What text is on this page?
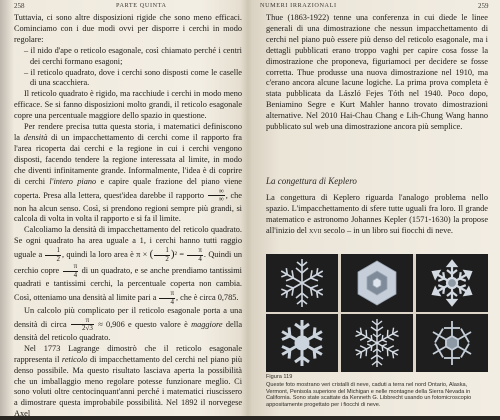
258	PARTE QUINTA

Tuttavia, ci sono altre disposizioni rigide che sono meno efficaci. Cominciamo con i due modi ovvi per disporre i cerchi in modo regolare:

– il nido d'ape o reticolo esagonale, così chiamato perché i centri dei cerchi formano esagoni;
– il reticolo quadrato, dove i cerchi sono disposti come le caselle di una scacchiera.

Il reticolo quadrato è rigido, ma racchiude i cerchi in modo meno efficace. Se si fanno disposizioni molto grandi, il reticolo esagonale copre una percentuale maggiore dello spazio in questione.

Per rendere precisa tutta questa storia, i matematici definiscono la densità di un impacchettamento di cerchi come il rapporto fra l'area ricoperta dai cerchi e la regione in cui i cerchi vengono disposti, facendo tendere la regione interessata al limite, in modo che diventi infinitamente grande. Informalmente, l'idea è di coprire di cerchi l'intero piano e capire quale frazione del piano viene coperta. Presa alla lettera, quest'idea darebbe il rapporto $\frac{\infty}{\infty}$ , che non ha alcun senso. Così, si prendono regioni sempre più grandi, si calcola di volta in volta il rapporto e si fa il limite.

Calcoliamo la densità di impacchettamento del reticolo quadrato. Se ogni quadrato ha area uguale a 1, i cerchi hanno tutti raggio uguale a $\frac{1}{2}$ , quindi la loro area è π × ( $\frac{1}{2} )^2 = \frac{\pi}{4}$ . Quindi un cerchio copre $\frac{\pi}{4}$ di un quadrato, e se anche prendiamo tantissimi quadrati e tantissimi cerchi, la percentuale coperta non cambia. Così, otteniamo una densità al limite pari a $\frac{\pi}{4}$ , che è circa 0,785.

Un calcolo più complicato per il reticolo esagonale porta a una densità di circa $\frac{\pi}{2√3} \approx 0,906$ e questo valore è maggiore della densità del reticolo quadrato.

Nel 1773 Lagrange dimostrò che il reticolo esagonale rappresenta il reticolo di impacchettamento del cerchi nel piano più denso possibile. Ma questo risultato lasciava aperta la possibilità che un imballaggio meno regolare potesse funzionare meglio. Ci sono voluti oltre centocinquant'anni perché i matematici riuscissero a dimostrare questa improbabile possibilità. Nel 1892 il norvegese Axel

NUMERI IRRAZIONALI	259

Thue (1863-1922) tenne una conferenza in cui diede le linee generali di una dimostrazione che nessun impacchettamento di cerchi nel piano può essere più denso del reticolo esagonale, ma i dettagli pubblicati erano troppo vaghi per capire cosa fosse la dimostrazione che proponeva, figuriamoci per decidere se fosse corretta. Thue produsse una nuova dimostrazione nel 1910, ma c'erano ancora alcune lacune logiche. La prima prova completa è stata pubblicata da László Fejes Tóth nel 1940. Poco dopo, Beniamino Segre e Kurt Mahler hanno trovato dimostrazioni alternative. Nel 2010 Hai-Chau Chang e Lih-Chung Wang hanno pubblicato sul web una dimostrazione ancora più semplice.

La congettura di Keplero

La congettura di Keplero riguarda l'analogo problema nello spazio. L'impacchettamento di sfere tutte uguali fra loro. Il grande matematico e astronomo Johannes Kepler (1571-1630) la propose all'inizio del xvii secolo – in un libro sui fiocchi di neve.

Figura 119
Queste foto mostrano veri cristalli di neve, caduti a terra nel nord Ontario, Alaska, Vermont, Penisola superiore del Michigan e nelle montagne della Sierra Nevada in California. Sono state scattate da Kenneth G. Libbrecht usando un fotomicroscopio appositamente progettato per i fiocchi di neve.
